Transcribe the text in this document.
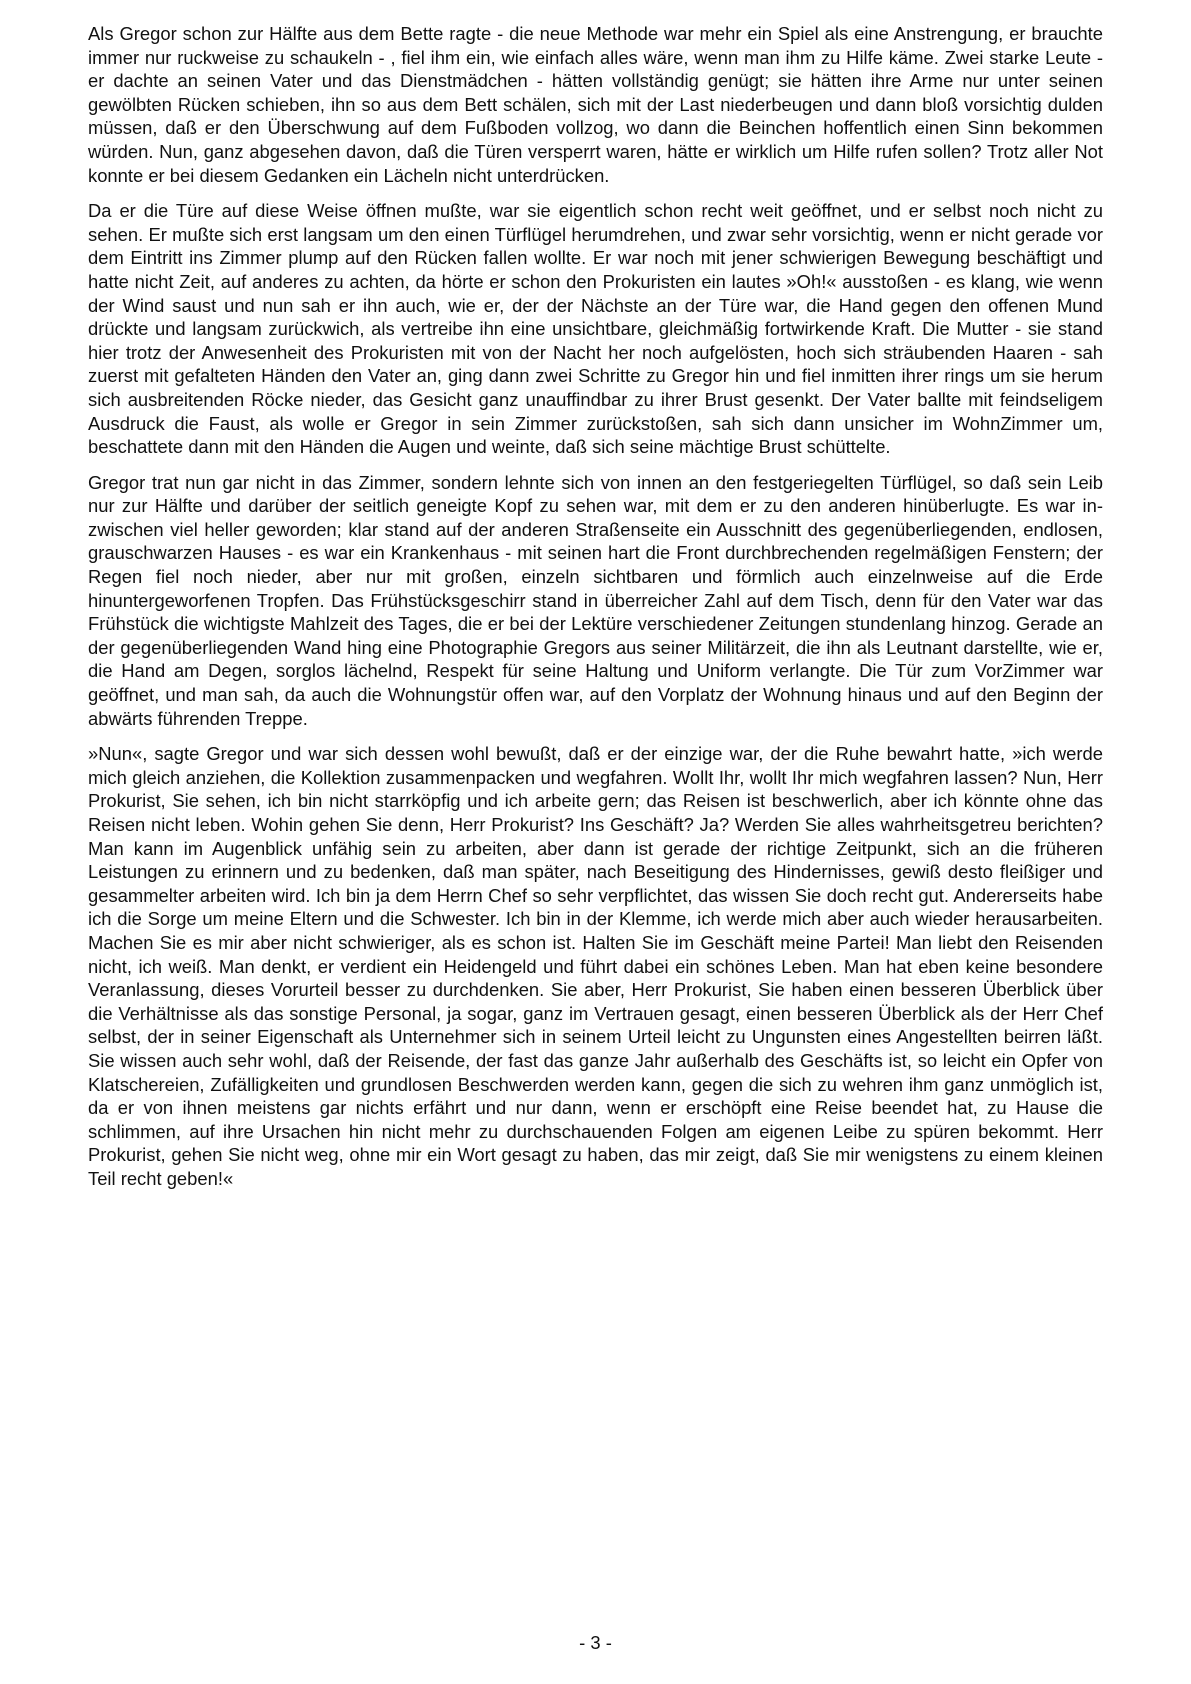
Als Gregor schon zur Hälfte aus dem Bette ragte - die neue Methode war mehr ein Spiel als eine Anstrengung, er brauchte immer nur ruckweise zu schaukeln - , fiel ihm ein, wie einfach alles wäre, wenn man ihm zu Hilfe käme. Zwei starke Leute - er dachte an seinen Vater und das Dienstmädchen - hätten vollständig genügt; sie hätten ihre Arme nur unter seinen gewölbten Rücken schieben, ihn so aus dem Bett schälen, sich mit der Last niederbeugen und dann bloß vorsichtig dulden müssen, daß er den Überschwung auf dem Fußboden vollzog, wo dann die Beinchen hoffentlich einen Sinn bekommen würden. Nun, ganz abgesehen davon, daß die Türen versperrt waren, hätte er wirklich um Hilfe rufen sollen? Trotz aller Not konnte er bei diesem Gedanken ein Lächeln nicht unterdrücken.

Da er die Türe auf diese Weise öffnen mußte, war sie eigentlich schon recht weit geöffnet, und er selbst noch nicht zu sehen. Er mußte sich erst langsam um den einen Türflügel herumdrehen, und zwar sehr vorsichtig, wenn er nicht gerade vor dem Eintritt ins Zimmer plump auf den Rücken fallen wollte. Er war noch mit jener schwierigen Bewegung beschäftigt und hatte nicht Zeit, auf anderes zu achten, da hörte er schon den Prokuristen ein lautes »Oh!« ausstoßen - es klang, wie wenn der Wind saust und nun sah er ihn auch, wie er, der der Nächste an der Türe war, die Hand gegen den offenen Mund drückte und langsam zurückwich, als vertreibe ihn eine unsichtbare, gleichmäßig fortwirkende Kraft. Die Mutter - sie stand hier trotz der Anwesenheit des Prokuristen mit von der Nacht her noch aufgelösten, hoch sich sträubenden Haaren - sah zuerst mit gefalteten Händen den Vater an, ging dann zwei Schritte zu Gregor hin und fiel inmitten ihrer rings um sie herum sich ausbreitenden Röcke nieder, das Gesicht ganz unauffindbar zu ihrer Brust gesenkt. Der Vater ballte mit feindseligem Ausdruck die Faust, als wolle er Gregor in sein Zimmer zurückstoßen, sah sich dann unsicher im WohnZimmer um, beschattete dann mit den Händen die Augen und weinte, daß sich seine mächtige Brust schüttelte.

Gregor trat nun gar nicht in das Zimmer, sondern lehnte sich von innen an den festgeriegelten Türflügel, so daß sein Leib nur zur Hälfte und darüber der seitlich geneigte Kopf zu sehen war, mit dem er zu den anderen hinüberlugte. Es war inzwischen viel heller geworden; klar stand auf der anderen Straßenseite ein Ausschnitt des gegenüberliegenden, endlosen, grauschwarzen Hauses - es war ein Krankenhaus - mit seinen hart die Front durchbrechenden regelmäßigen Fenstern; der Regen fiel noch nieder, aber nur mit großen, einzeln sichtbaren und förmlich auch einzelnweise auf die Erde hinuntergeworfenen Tropfen. Das Frühstücksgeschirr stand in überreicher Zahl auf dem Tisch, denn für den Vater war das Frühstück die wichtigste Mahlzeit des Tages, die er bei der Lektüre verschiedener Zeitungen stundenlang hinzog. Gerade an der gegenüberliegenden Wand hing eine Photographie Gregors aus seiner Militärzeit, die ihn als Leutnant darstellte, wie er, die Hand am Degen, sorglos lächelnd, Respekt für seine Haltung und Uniform verlangte. Die Tür zum VorZimmer war geöffnet, und man sah, da auch die Wohnungstür offen war, auf den Vorplatz der Wohnung hinaus und auf den Beginn der abwärts führenden Treppe.

»Nun«, sagte Gregor und war sich dessen wohl bewußt, daß er der einzige war, der die Ruhe bewahrt hatte, »ich werde mich gleich anziehen, die Kollektion zusammenpacken und wegfahren. Wollt Ihr, wollt Ihr mich wegfahren lassen? Nun, Herr Prokurist, Sie sehen, ich bin nicht starrköpfig und ich arbeite gern; das Reisen ist beschwerlich, aber ich könnte ohne das Reisen nicht leben. Wohin gehen Sie denn, Herr Prokurist? Ins Geschäft? Ja? Werden Sie alles wahrheitsgetreu berichten? Man kann im Augenblick unfähig sein zu arbeiten, aber dann ist gerade der richtige Zeitpunkt, sich an die früheren Leistungen zu erinnern und zu bedenken, daß man später, nach Beseitigung des Hindernisses, gewiß desto fleißiger und gesammelter arbeiten wird. Ich bin ja dem Herrn Chef so sehr verpflichtet, das wissen Sie doch recht gut. Andererseits habe ich die Sorge um meine Eltern und die Schwester. Ich bin in der Klemme, ich werde mich aber auch wieder herausarbeiten. Machen Sie es mir aber nicht schwieriger, als es schon ist. Halten Sie im Geschäft meine Partei! Man liebt den Reisenden nicht, ich weiß. Man denkt, er verdient ein Heidengeld und führt dabei ein schönes Leben. Man hat eben keine besondere Veranlassung, dieses Vorurteil besser zu durchdenken. Sie aber, Herr Prokurist, Sie haben einen besseren Überblick über die Verhältnisse als das sonstige Personal, ja sogar, ganz im Vertrauen gesagt, einen besseren Überblick als der Herr Chef selbst, der in seiner Eigenschaft als Unternehmer sich in seinem Urteil leicht zu Ungunsten eines Angestellten beirren läßt. Sie wissen auch sehr wohl, daß der Reisende, der fast das ganze Jahr außerhalb des Geschäfts ist, so leicht ein Opfer von Klatschereien, Zufälligkeiten und grundlosen Beschwerden werden kann, gegen die sich zu wehren ihm ganz unmöglich ist, da er von ihnen meistens gar nichts erfährt und nur dann, wenn er erschöpft eine Reise beendet hat, zu Hause die schlimmen, auf ihre Ursachen hin nicht mehr zu durchschauenden Folgen am eigenen Leibe zu spüren bekommt. Herr Prokurist, gehen Sie nicht weg, ohne mir ein Wort gesagt zu haben, das mir zeigt, daß Sie mir wenigstens zu einem kleinen Teil recht geben!«

- 3 -
